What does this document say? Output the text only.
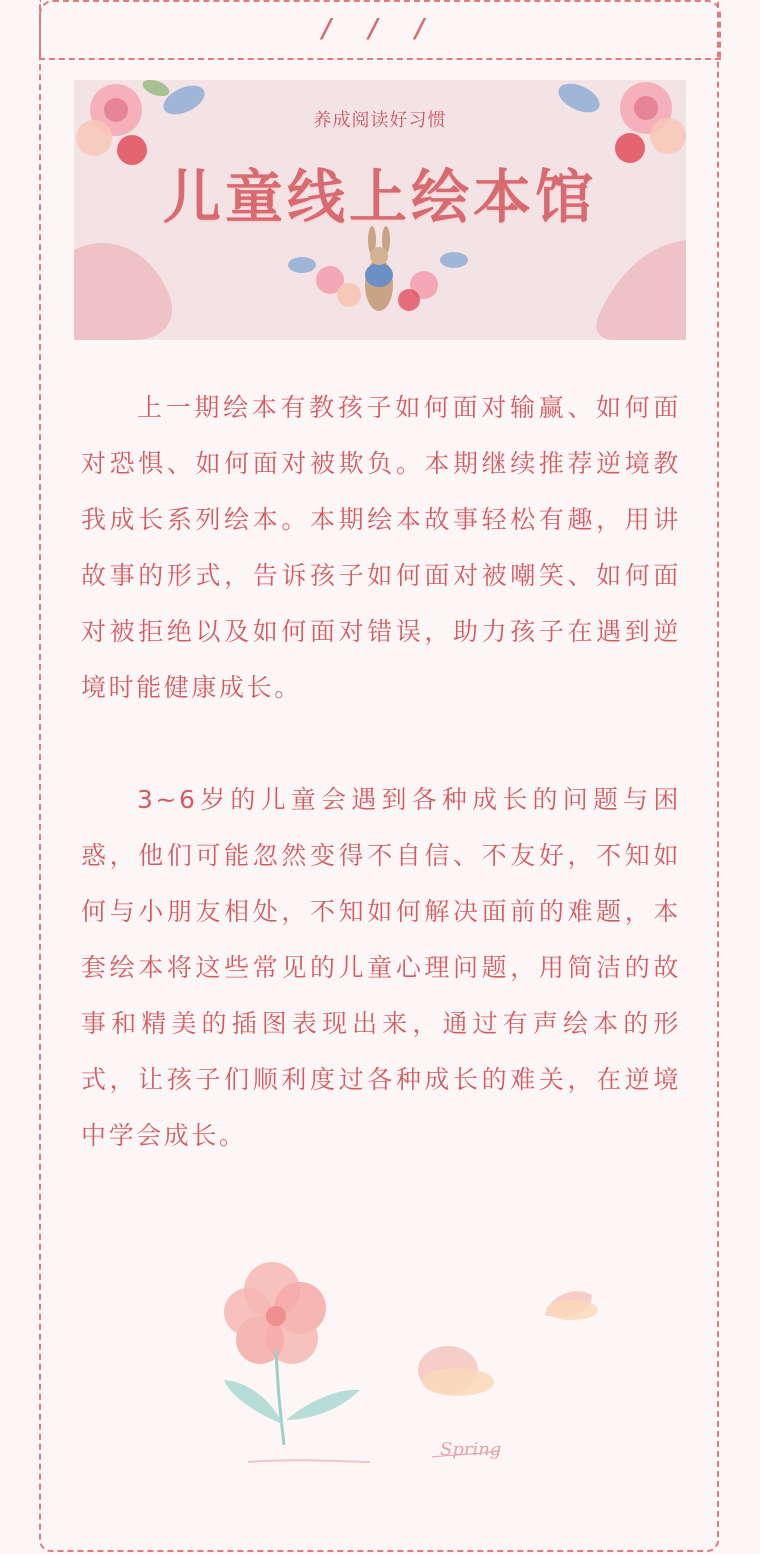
/ / /
养成阅读好习惯
儿童线上绘本馆

上一期绘本有教孩子如何面对输赢、如何面对恐惧、如何面对被欺负。本期继续推荐逆境教我成长系列绘本。本期绘本故事轻松有趣，用讲故事的形式，告诉孩子如何面对被嘲笑、如何面对被拒绝以及如何面对错误，助力孩子在遇到逆境时能健康成长。

3~6岁的儿童会遇到各种成长的问题与困惑，他们可能忽然变得不自信、不友好，不知如何与小朋友相处，不知如何解决面前的难题，本套绘本将这些常见的儿童心理问题，用简洁的故事和精美的插图表现出来，通过有声绘本的形式，让孩子们顺利度过各种成长的难关，在逆境中学会成长。

Spring
